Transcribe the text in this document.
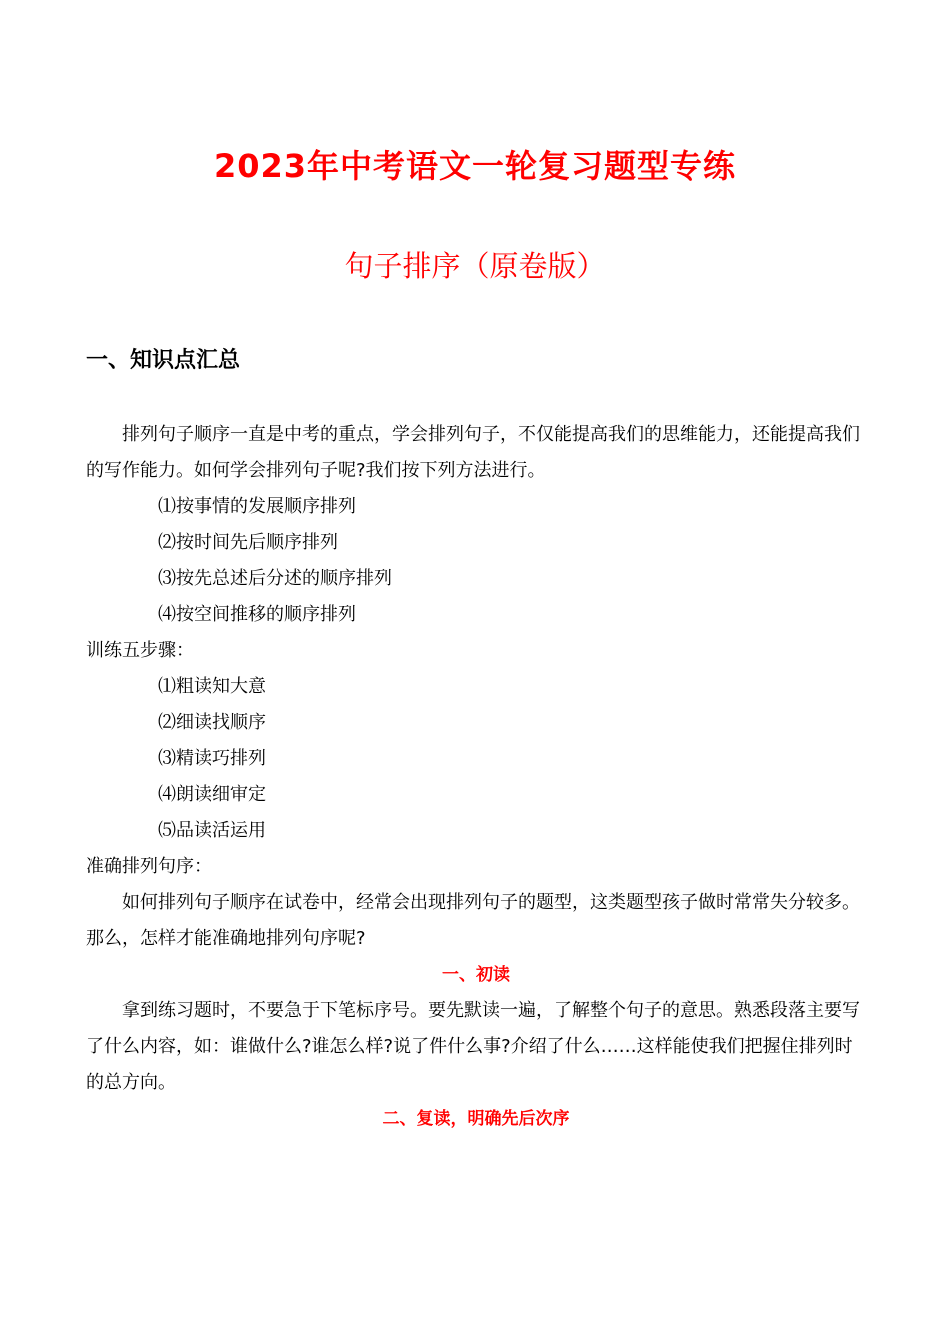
2023年中考语文一轮复习题型专练
句子排序（原卷版）
一、知识点汇总

排列句子顺序一直是中考的重点，学会排列句子，不仅能提高我们的思维能力，还能提高我们的写作能力。如何学会排列句子呢?我们按下列方法进行。

⑴按事情的发展顺序排列

⑵按时间先后顺序排列

⑶按先总述后分述的顺序排列

⑷按空间推移的顺序排列

训练五步骤：

⑴粗读知大意

⑵细读找顺序

⑶精读巧排列

⑷朗读细审定

⑸品读活运用

准确排列句序：

如何排列句子顺序在试卷中，经常会出现排列句子的题型，这类题型孩子做时常常失分较多。那么，怎样才能准确地排列句序呢?

一、初读

拿到练习题时，不要急于下笔标序号。要先默读一遍，了解整个句子的意思。熟悉段落主要写了什么内容，如：谁做什么?谁怎么样?说了件什么事?介绍了什么……这样能使我们把握住排列时的总方向。

二、复读，明确先后次序
